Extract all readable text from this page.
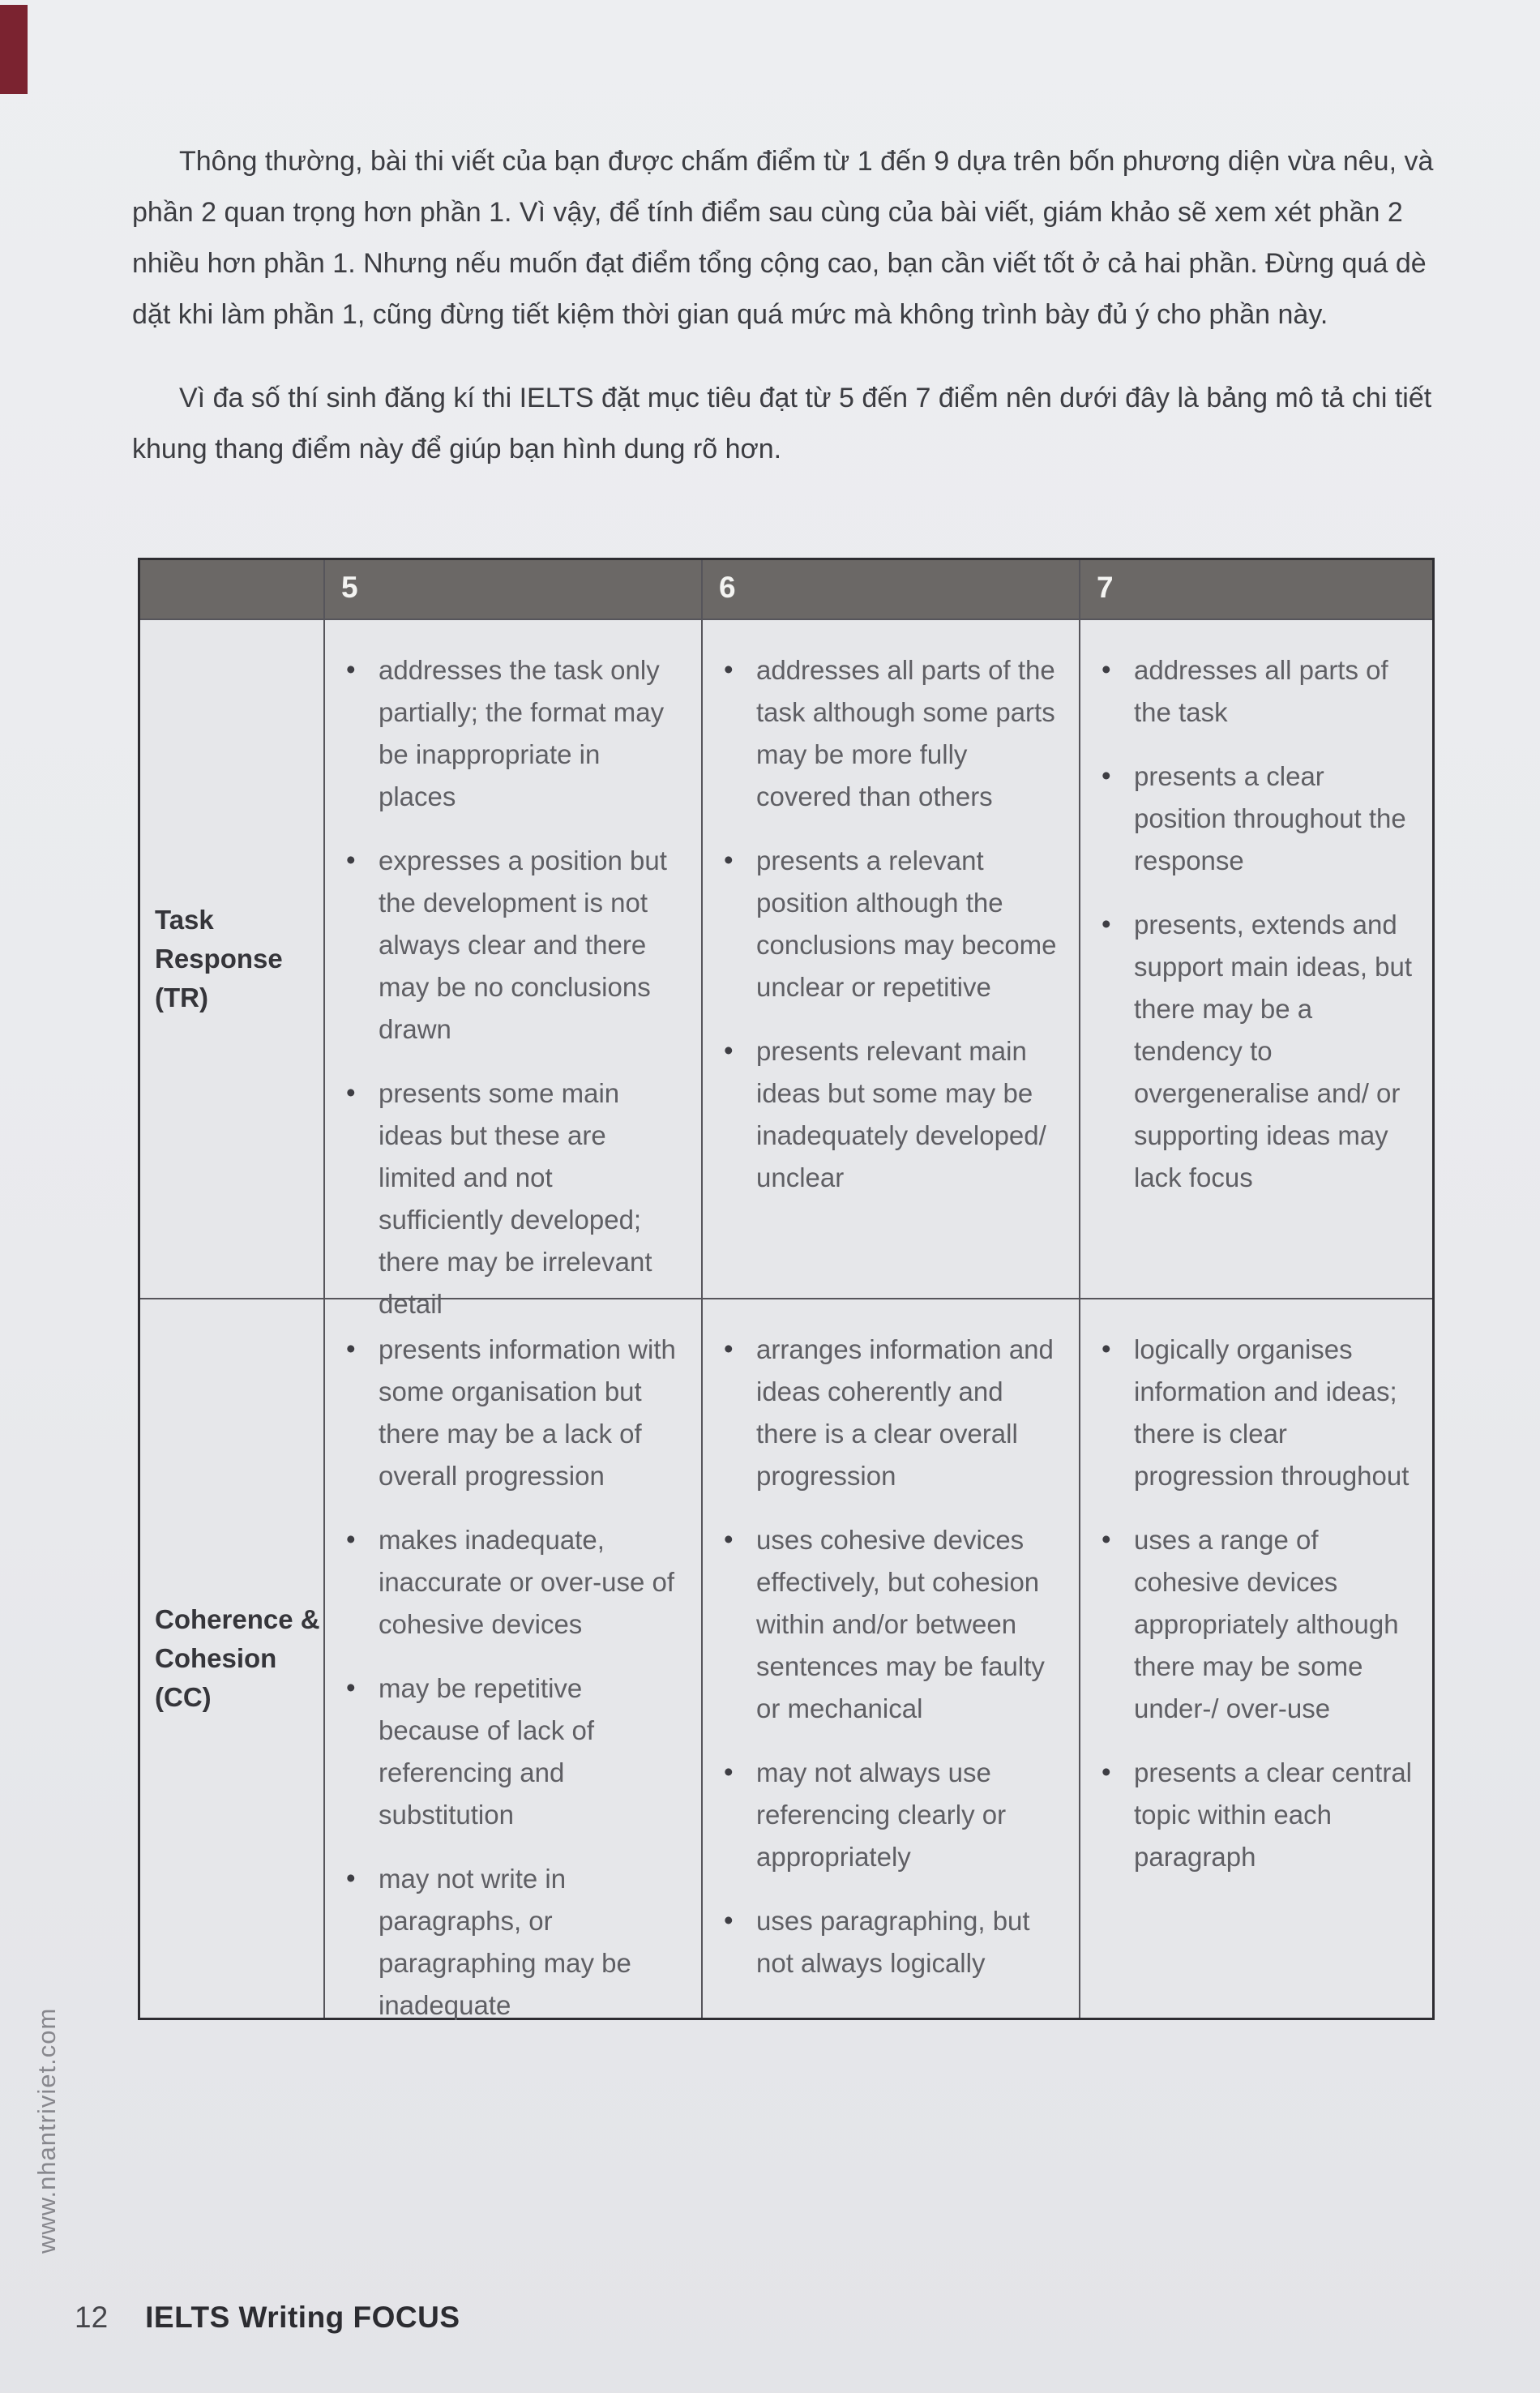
Thông thường, bài thi viết của bạn được chấm điểm từ 1 đến 9 dựa trên bốn phương diện vừa nêu, và phần 2 quan trọng hơn phần 1. Vì vậy, để tính điểm sau cùng của bài viết, giám khảo sẽ xem xét phần 2 nhiều hơn phần 1. Nhưng nếu muốn đạt điểm tổng cộng cao, bạn cần viết tốt ở cả hai phần. Đừng quá dè dặt khi làm phần 1, cũng đừng tiết kiệm thời gian quá mức mà không trình bày đủ ý cho phần này.

Vì đa số thí sinh đăng kí thi IELTS đặt mục tiêu đạt từ 5 đến 7 điểm nên dưới đây là bảng mô tả chi tiết khung thang điểm này để giúp bạn hình dung rõ hơn.

5	6	7
Task Response (TR)
• addresses the task only partially; the format may be inappropriate in places
• expresses a position but the development is not always clear and there may be no conclusions drawn
• presents some main ideas but these are limited and not sufficiently developed; there may be irrelevant detail
• addresses all parts of the task although some parts may be more fully covered than others
• presents a relevant position although the conclusions may become unclear or repetitive
• presents relevant main ideas but some may be inadequately developed/ unclear
• addresses all parts of the task
• presents a clear position throughout the response
• presents, extends and support main ideas, but there may be a tendency to overgeneralise and/ or supporting ideas may lack focus
Coherence & Cohesion (CC)
• presents information with some organisation but there may be a lack of overall progression
• makes inadequate, inaccurate or over-use of cohesive devices
• may be repetitive because of lack of referencing and substitution
• may not write in paragraphs, or paragraphing may be inadequate
• arranges information and ideas coherently and there is a clear overall progression
• uses cohesive devices effectively, but cohesion within and/or between sentences may be faulty or mechanical
• may not always use referencing clearly or appropriately
• uses paragraphing, but not always logically
• logically organises information and ideas; there is clear progression throughout
• uses a range of cohesive devices appropriately although there may be some under-/ over-use
• presents a clear central topic within each paragraph
www.nhantriviet.com
12 IELTS Writing FOCUS
